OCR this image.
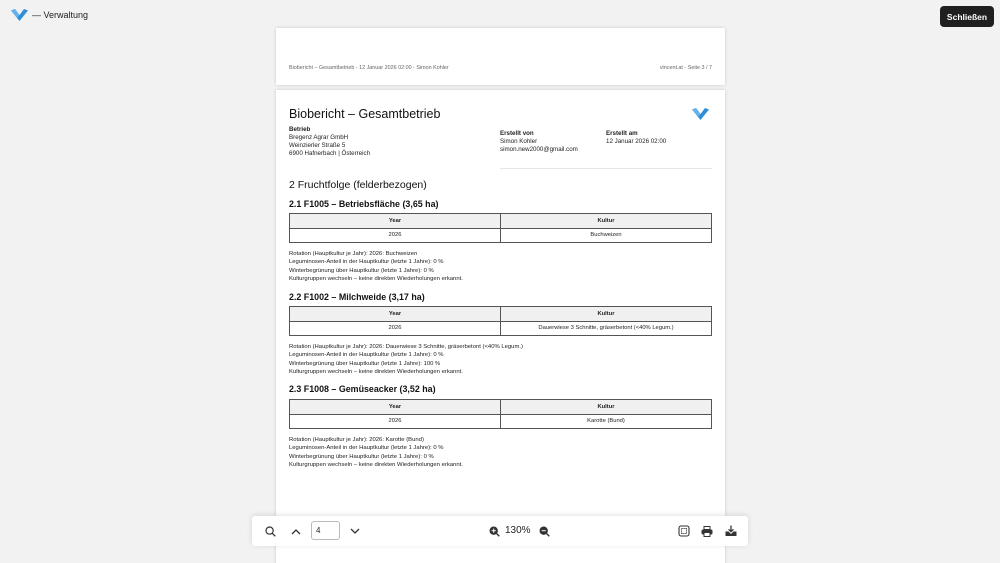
— Verwaltung	Schließen
Biobericht – Gesamtbetrieb - 12 Januar 2026 02:00 - Simon Kohler	vincent.at - Seite 3 / 7
Biobericht – Gesamtbetrieb
Betrieb
Bregenz Agrar GmbH
Weinzierler Straße 5
6900 Hafnerbach | Österreich
Erstellt von
Simon Kohler
simon.new2000@gmail.com
Erstellt am
12 Januar 2026 02:00
2 Fruchtfolge (felderbezogen)
2.1 F1005 – Betriebsfläche (3,65 ha)
Year	Kultur
2026	Buchweizen
Rotation (Hauptkultur je Jahr): 2026: Buchweizen
Leguminosen-Anteil in der Hauptkultur (letzte 1 Jahre): 0 %
Winterbegrünung über Hauptkultur (letzte 1 Jahre): 0 %
Kulturgruppen wechseln – keine direkten Wiederholungen erkannt.
2.2 F1002 – Milchweide (3,17 ha)
Year	Kultur
2026	Dauerwiese 3 Schnitte, gräserbetont (<40% Legum.)
Rotation (Hauptkultur je Jahr): 2026: Dauerwiese 3 Schnitte, gräserbetont (<40% Legum.)
Leguminosen-Anteil in der Hauptkultur (letzte 1 Jahre): 0 %
Winterbegrünung über Hauptkultur (letzte 1 Jahre): 100 %
Kulturgruppen wechseln – keine direkten Wiederholungen erkannt.
2.3 F1008 – Gemüseacker (3,52 ha)
Year	Kultur
2026	Karotte (Bund)
Rotation (Hauptkultur je Jahr): 2026: Karotte (Bund)
Leguminosen-Anteil in der Hauptkultur (letzte 1 Jahre): 0 %
Winterbegrünung über Hauptkultur (letzte 1 Jahre): 0 %
Kulturgruppen wechseln – keine direkten Wiederholungen erkannt.
4
130%
